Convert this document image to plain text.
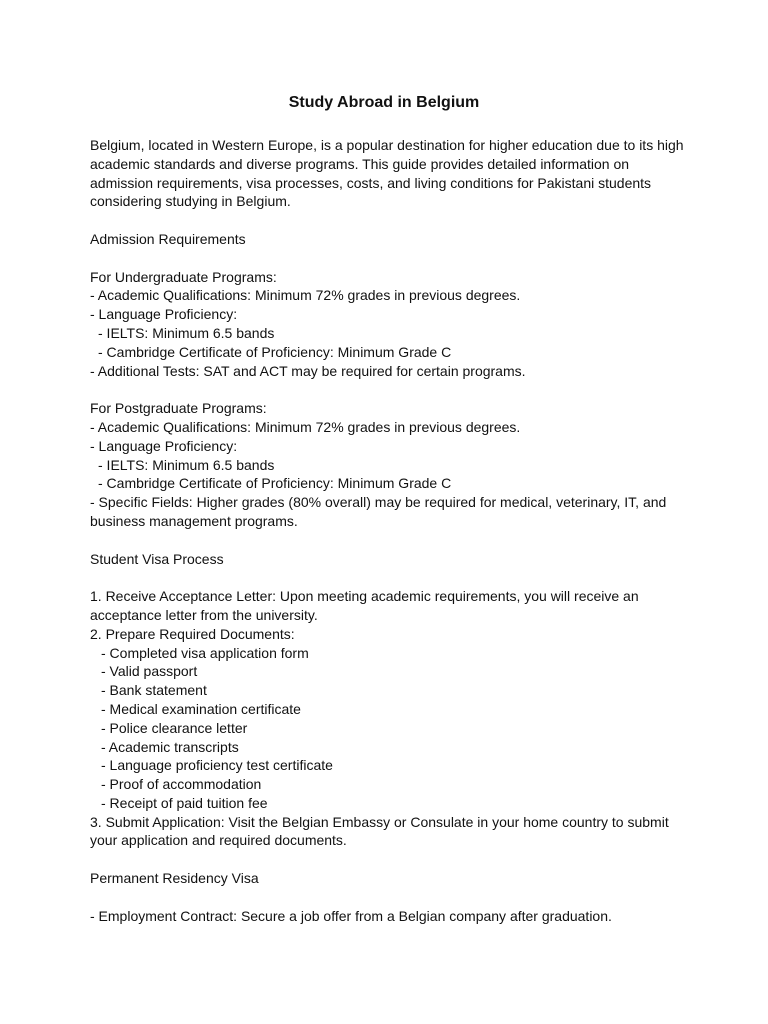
Study Abroad in Belgium

Belgium, located in Western Europe, is a popular destination for higher education due to its high academic standards and diverse programs. This guide provides detailed information on admission requirements, visa processes, costs, and living conditions for Pakistani students considering studying in Belgium.

Admission Requirements

For Undergraduate Programs:

- Academic Qualifications: Minimum 72% grades in previous degrees.

- Language Proficiency:

- IELTS: Minimum 6.5 bands

- Cambridge Certificate of Proficiency: Minimum Grade C

- Additional Tests: SAT and ACT may be required for certain programs.

For Postgraduate Programs:

- Academic Qualifications: Minimum 72% grades in previous degrees.

- Language Proficiency:

- IELTS: Minimum 6.5 bands

- Cambridge Certificate of Proficiency: Minimum Grade C

- Specific Fields: Higher grades (80% overall) may be required for medical, veterinary, IT, and business management programs.

Student Visa Process

1. Receive Acceptance Letter: Upon meeting academic requirements, you will receive an acceptance letter from the university.

2. Prepare Required Documents:

- Completed visa application form

- Valid passport

- Bank statement

- Medical examination certificate

- Police clearance letter

- Academic transcripts

- Language proficiency test certificate

- Proof of accommodation

- Receipt of paid tuition fee

3. Submit Application: Visit the Belgian Embassy or Consulate in your home country to submit your application and required documents.

Permanent Residency Visa

- Employment Contract: Secure a job offer from a Belgian company after graduation.
